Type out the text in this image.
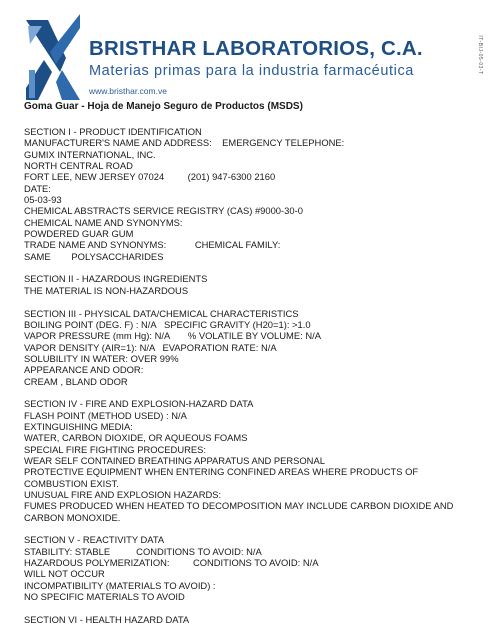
BRISTHAR LABORATORIOS, C.A.
Materias primas para la industria farmacéutica
www.bristhar.com.ve
IT-BIJ-05-03-T
Goma Guar - Hoja de Manejo Seguro de Productos (MSDS)
SECTION I - PRODUCT IDENTIFICATION
MANUFACTURER'S NAME AND ADDRESS:    EMERGENCY TELEPHONE:
GUMIX INTERNATIONAL, INC.
NORTH CENTRAL ROAD
FORT LEE, NEW JERSEY 07024         (201) 947-6300 2160
DATE:
05-03-93
CHEMICAL ABSTRACTS SERVICE REGISTRY (CAS) #9000-30-0
CHEMICAL NAME AND SYNONYMS:
POWDERED GUAR GUM
TRADE NAME AND SYNONYMS:           CHEMICAL FAMILY:
SAME        POLYSACCHARIDES
SECTION II - HAZARDOUS INGREDIENTS
THE MATERIAL IS NON-HAZARDOUS
SECTION III - PHYSICAL DATA/CHEMICAL CHARACTERISTICS
BOILING POINT (DEG. F) : N/A   SPECIFIC GRAVITY (H20=1): >1.0
VAPOR PRESSURE (mm Hg): N/A       % VOLATILE BY VOLUME: N/A
VAPOR DENSITY (AIR=1): N/A   EVAPORATION RATE: N/A
SOLUBILITY IN WATER: OVER 99%
APPEARANCE AND ODOR:
CREAM , BLAND ODOR
SECTION IV - FIRE AND EXPLOSION-HAZARD DATA
FLASH POINT (METHOD USED) : N/A
EXTINGUISHING MEDIA:
WATER, CARBON DIOXIDE, OR AQUEOUS FOAMS
SPECIAL FIRE FIGHTING PROCEDURES:
WEAR SELF CONTAINED BREATHING APPARATUS AND PERSONAL
PROTECTIVE EQUIPMENT WHEN ENTERING CONFINED AREAS WHERE PRODUCTS OF
COMBUSTION EXIST.
UNUSUAL FIRE AND EXPLOSION HAZARDS:
FUMES PRODUCED WHEN HEATED TO DECOMPOSITION MAY INCLUDE CARBON DIOXIDE AND
CARBON MONOXIDE.
SECTION V - REACTIVITY DATA
STABILITY: STABLE          CONDITIONS TO AVOID: N/A
HAZARDOUS POLYMERIZATION:         CONDITIONS TO AVOID: N/A
WILL NOT OCCUR
INCOMPATIBILITY (MATERIALS TO AVOID) :
NO SPECIFIC MATERIALS TO AVOID
SECTION VI - HEALTH HAZARD DATA
